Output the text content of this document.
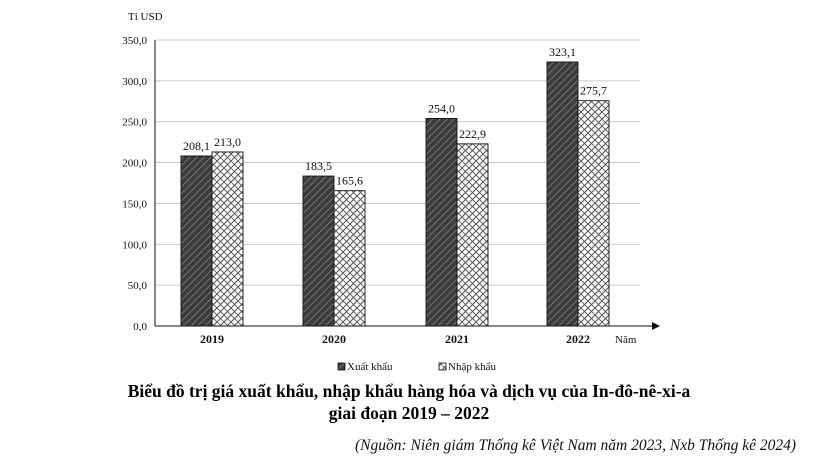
Tỉ USD
0,0
50,0
100,0
150,0
200,0
250,0
300,0
350,0
208,1 213,0
2019
183,5
165,6
2020
254,0
222,9
2021
323,1
275,7
2022 Năm
Xuất khẩu	Nhập khẩu
Biểu đồ trị giá xuất khẩu, nhập khẩu hàng hóa và dịch vụ của In-đô-nê-xi-a
giai đoạn 2019 – 2022
(Nguồn: Niên giám Thống kê Việt Nam năm 2023, Nxb Thống kê 2024)
